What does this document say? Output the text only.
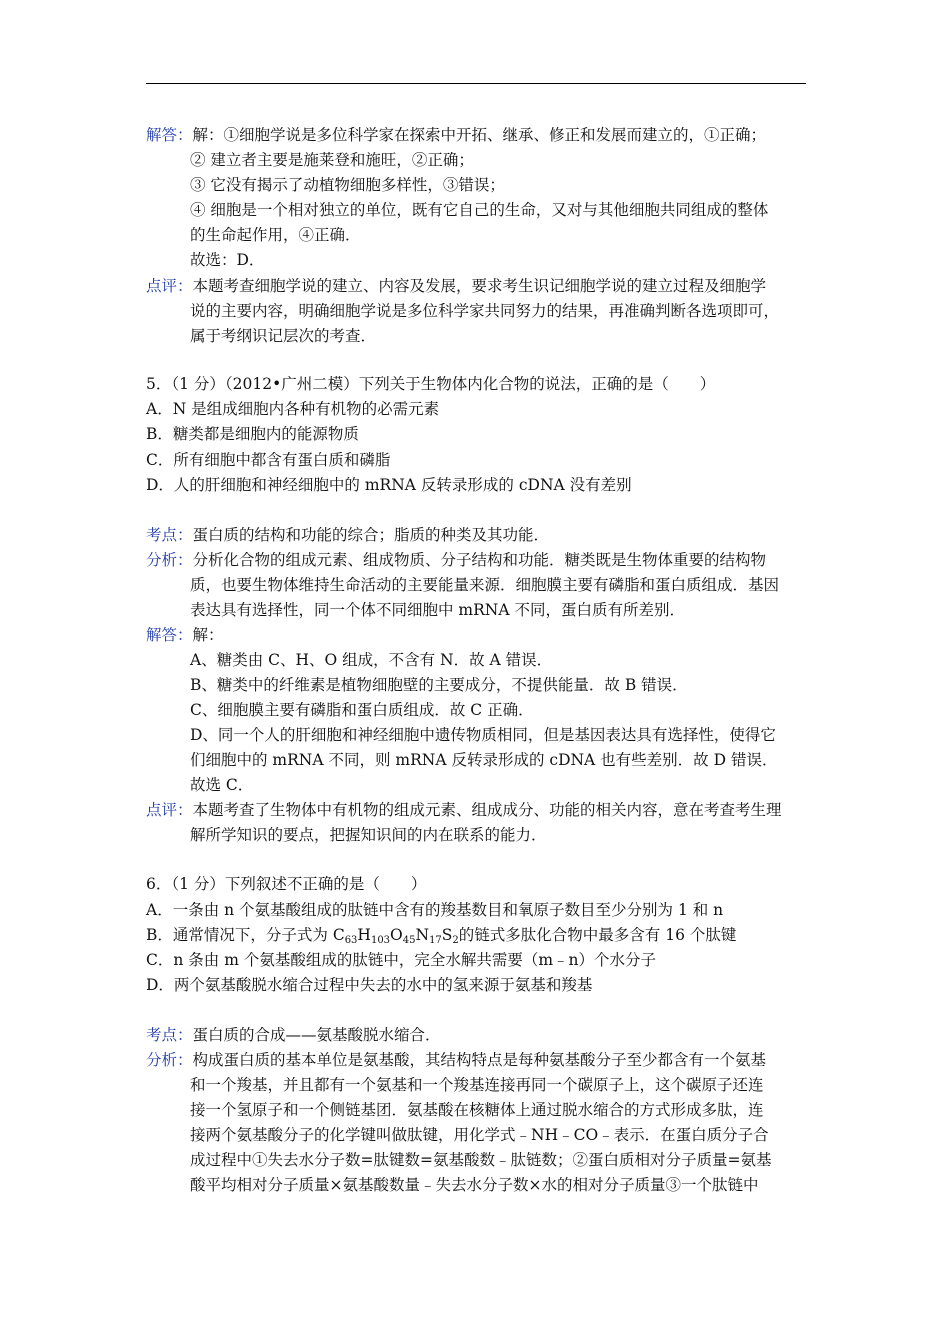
解答：解：①细胞学说是多位科学家在探索中开拓、继承、修正和发展而建立的，①正确；
② 建立者主要是施莱登和施旺，②正确；
③ 它没有揭示了动植物细胞多样性，③错误；
④ 细胞是一个相对独立的单位，既有它自己的生命，又对与其他细胞共同组成的整体
的生命起作用，④正确．
故选：D．
点评：本题考查细胞学说的建立、内容及发展，要求考生识记细胞学说的建立过程及细胞学
说的主要内容，明确细胞学说是多位科学家共同努力的结果，再准确判断各选项即可，
属于考纲识记层次的考查．
5．（1 分）（2012•广州二模）下列关于生物体内化合物的说法，正确的是（　　）
A．N 是组成细胞内各种有机物的必需元素
B．糖类都是细胞内的能源物质
C．所有细胞中都含有蛋白质和磷脂
D．人的肝细胞和神经细胞中的 mRNA 反转录形成的 cDNA 没有差别
考点：蛋白质的结构和功能的综合；脂质的种类及其功能．
分析：分析化合物的组成元素、组成物质、分子结构和功能．糖类既是生物体重要的结构物
质，也要生物体维持生命活动的主要能量来源．细胞膜主要有磷脂和蛋白质组成．基因
表达具有选择性，同一个体不同细胞中 mRNA 不同，蛋白质有所差别．
解答：解：
A、糖类由 C、H、O 组成，不含有 N．故 A 错误．
B、糖类中的纤维素是植物细胞壁的主要成分，不提供能量．故 B 错误．
C、细胞膜主要有磷脂和蛋白质组成．故 C 正确．
D、同一个人的肝细胞和神经细胞中遗传物质相同，但是基因表达具有选择性，使得它
们细胞中的 mRNA 不同，则 mRNA 反转录形成的 cDNA 也有些差别．故 D 错误．
故选 C．
点评：本题考查了生物体中有机物的组成元素、组成成分、功能的相关内容，意在考查考生理
解所学知识的要点，把握知识间的内在联系的能力．
6．（1 分）下列叙述不正确的是（　　）
A．一条由 n 个氨基酸组成的肽链中含有的羧基数目和氧原子数目至少分别为 1 和 n
B．通常情况下，分子式为 $C_{63}H_{103}O_{45}N_{17}S_2$的链式多肽化合物中最多含有 16 个肽键
C．n 条由 m 个氨基酸组成的肽链中，完全水解共需要（m﹣n）个水分子
D．两个氨基酸脱水缩合过程中失去的水中的氢来源于氨基和羧基
考点：蛋白质的合成——氨基酸脱水缩合．
分析：构成蛋白质的基本单位是氨基酸，其结构特点是每种氨基酸分子至少都含有一个氨基
和一个羧基，并且都有一个氨基和一个羧基连接再同一个碳原子上，这个碳原子还连
接一个氢原子和一个侧链基团．氨基酸在核糖体上通过脱水缩合的方式形成多肽，连
接两个氨基酸分子的化学键叫做肽键，用化学式﹣NH﹣CO﹣表示．在蛋白质分子合
成过程中①失去水分子数=肽键数=氨基酸数﹣肽链数；②蛋白质相对分子质量=氨基
酸平均相对分子质量×氨基酸数量﹣失去水分子数×水的相对分子质量③一个肽链中
